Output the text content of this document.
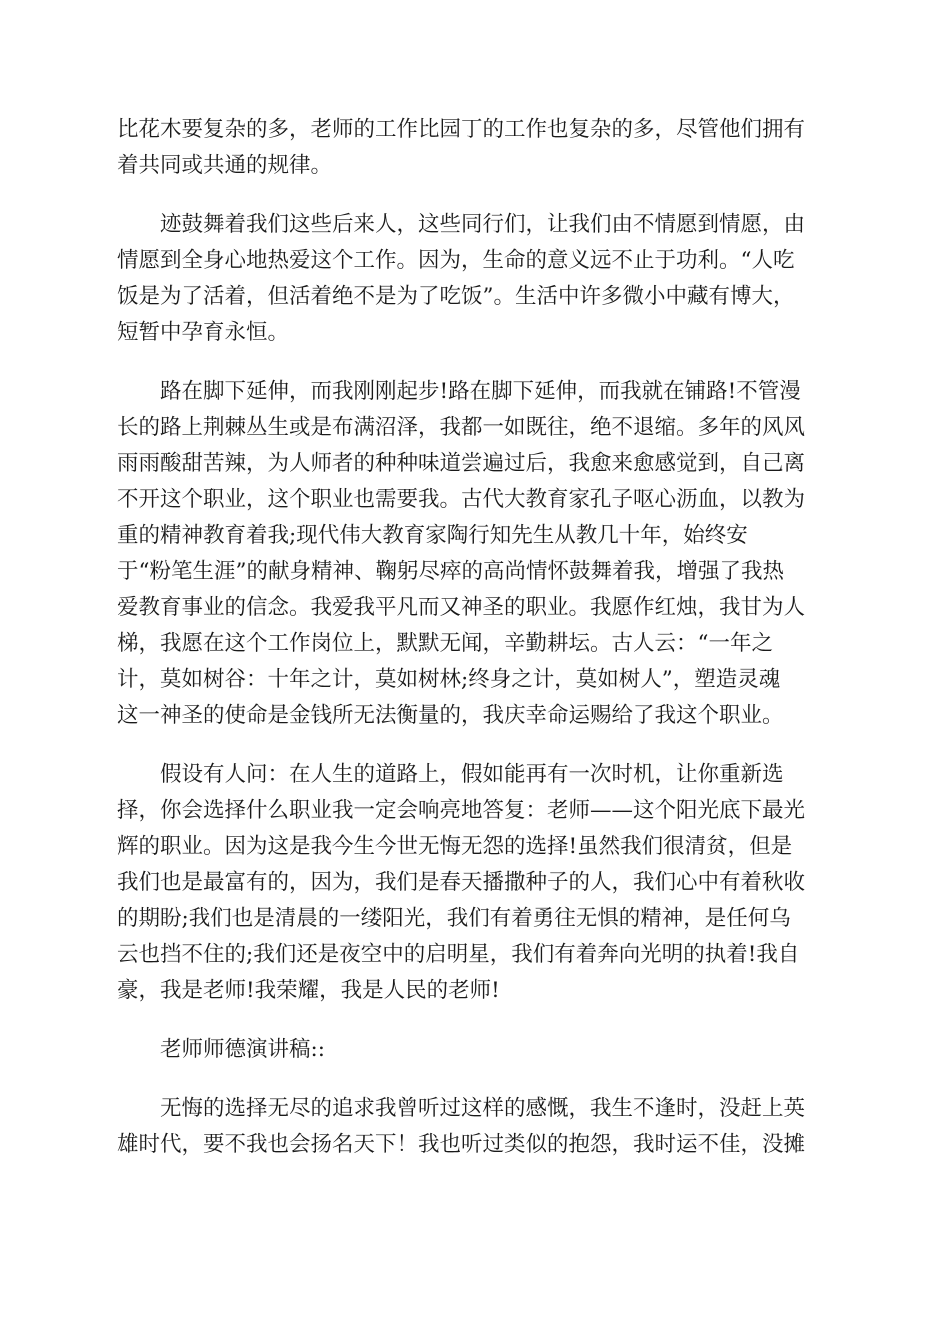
比花木要复杂的多，老师的工作比园丁的工作也复杂的多，尽管他们拥有
着共同或共通的规律。

　　迹鼓舞着我们这些后来人，这些同行们，让我们由不情愿到情愿，由
情愿到全身心地热爱这个工作。因为，生命的意义远不止于功利。“人吃
饭是为了活着，但活着绝不是为了吃饭”。生活中许多微小中藏有博大，
短暂中孕育永恒。

　　路在脚下延伸，而我刚刚起步!路在脚下延伸，而我就在铺路!不管漫
长的路上荆棘丛生或是布满沼泽，我都一如既往，绝不退缩。多年的风风
雨雨酸甜苦辣，为人师者的种种味道尝遍过后，我愈来愈感觉到，自己离
不开这个职业，这个职业也需要我。古代大教育家孔子呕心沥血，以教为
重的精神教育着我;现代伟大教育家陶行知先生从教几十年，始终安
于“粉笔生涯”的献身精神、鞠躬尽瘁的高尚情怀鼓舞着我，增强了我热
爱教育事业的信念。我爱我平凡而又神圣的职业。我愿作红烛，我甘为人
梯，我愿在这个工作岗位上，默默无闻，辛勤耕坛。古人云：“一年之
计，莫如树谷：十年之计，莫如树林;终身之计，莫如树人”，塑造灵魂
这一神圣的使命是金钱所无法衡量的，我庆幸命运赐给了我这个职业。

　　假设有人问：在人生的道路上，假如能再有一次时机，让你重新选
择，你会选择什么职业我一定会响亮地答复：老师——这个阳光底下最光
辉的职业。因为这是我今生今世无悔无怨的选择!虽然我们很清贫，但是
我们也是最富有的，因为，我们是春天播撒种子的人，我们心中有着秋收
的期盼;我们也是清晨的一缕阳光，我们有着勇往无惧的精神，是任何乌
云也挡不住的;我们还是夜空中的启明星，我们有着奔向光明的执着!我自
豪，我是老师!我荣耀，我是人民的老师!

　　老师师德演讲稿::

　　无悔的选择无尽的追求我曾听过这样的感慨，我生不逢时，没赶上英
雄时代，要不我也会扬名天下！我也听过类似的抱怨，我时运不佳，没摊
